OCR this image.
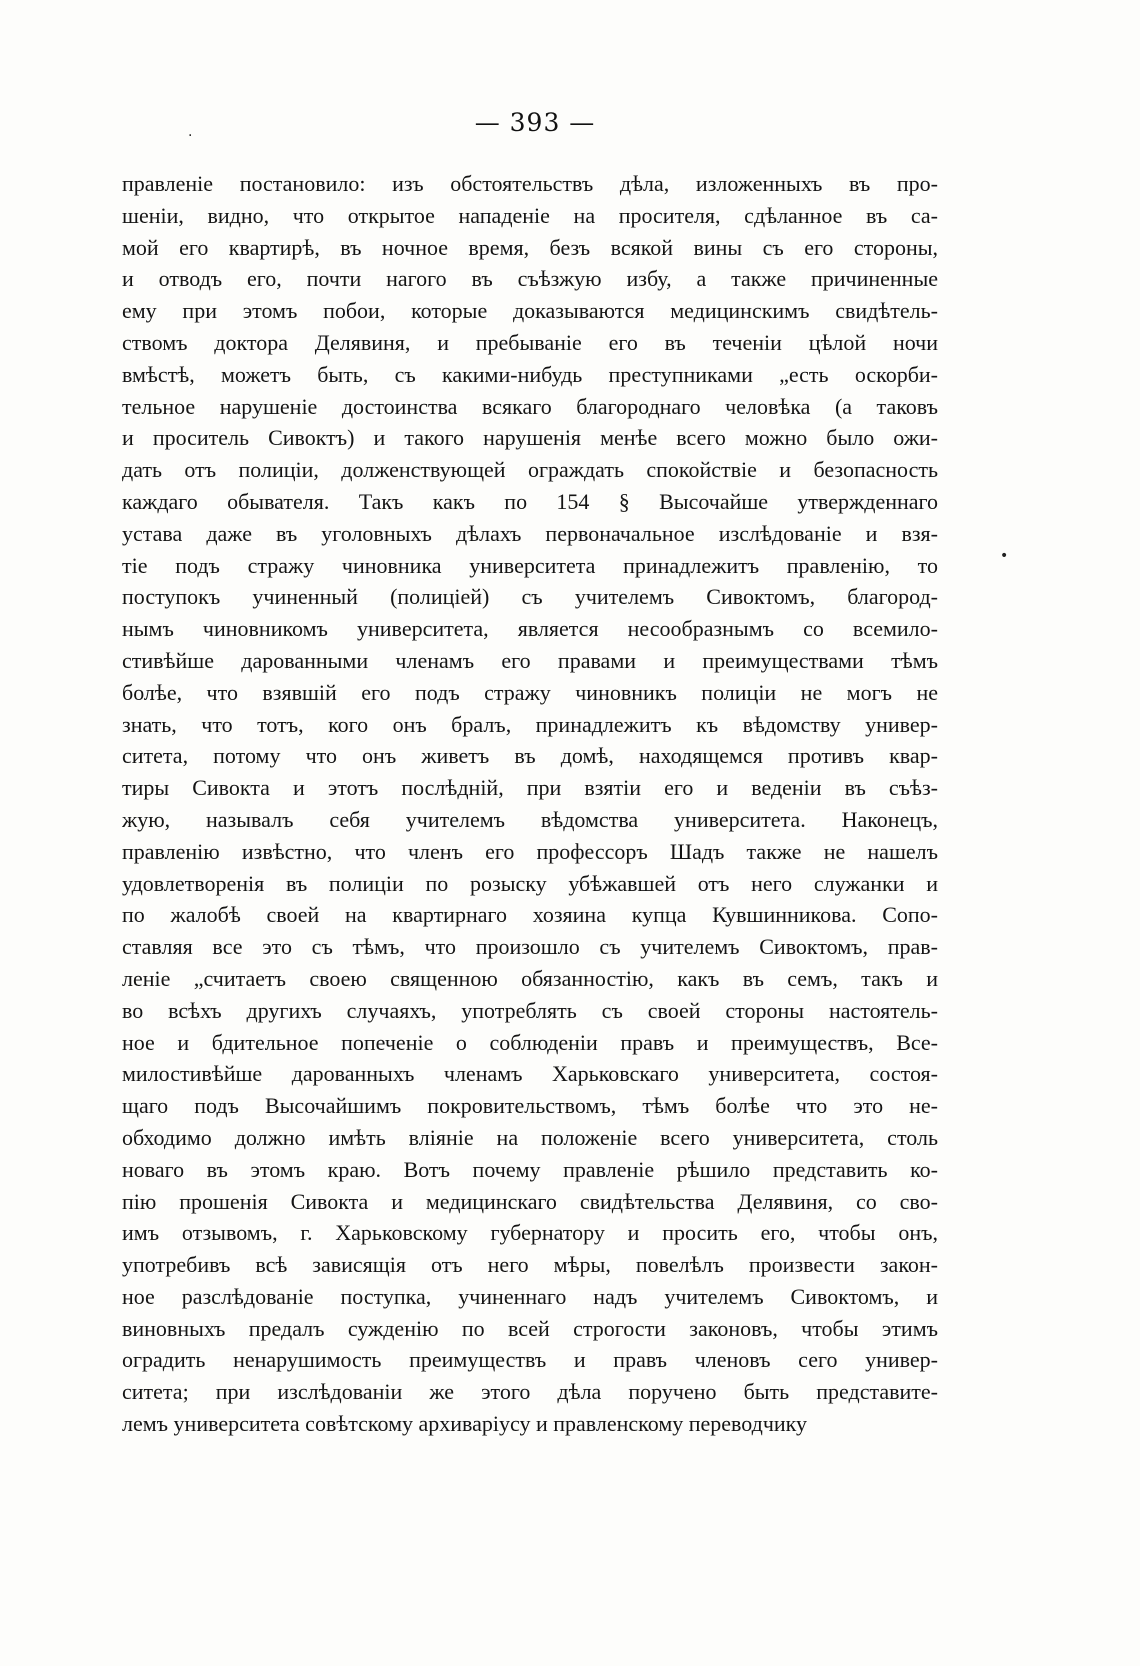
— 393 —
правленіе постановило: изъ обстоятельствъ дѣла, изложенныхъ въ про-
шеніи, видно, что открытое нападеніе на просителя, сдѣланное въ са-
мой его квартирѣ, въ ночное время, безъ всякой вины съ его стороны,
и отводъ его, почти нагого въ съѣзжую избу, а также причиненные
ему при этомъ побои, которые доказываются медицинскимъ свидѣтель-
ствомъ доктора Делявиня, и пребываніе его въ теченіи цѣлой ночи
вмѣстѣ, можетъ быть, съ какими-нибудь преступниками „есть оскорби-
тельное нарушеніе достоинства всякаго благороднаго человѣка (а таковъ
и проситель Сивоктъ) и такого нарушенія менѣе всего можно было ожи-
дать отъ полиціи, долженствующей ограждать спокойствіе и безопасность
каждаго обывателя. Такъ какъ по 154 § Высочайше утвержденнаго
устава даже въ уголовныхъ дѣлахъ первоначальное изслѣдованіе и взя-
тіе подъ стражу чиновника университета принадлежитъ правленію, то
поступокъ учиненный (полиціей) съ учителемъ Сивоктомъ, благород-
нымъ чиновникомъ университета, является несообразнымъ со всемило-
стивѣйше дарованными членамъ его правами и преимуществами тѣмъ
болѣе, что взявшій его подъ стражу чиновникъ полиціи не могъ не
знать, что тотъ, кого онъ бралъ, принадлежитъ къ вѣдомству универ-
ситета, потому что онъ живетъ въ домѣ, находящемся противъ квар-
тиры Сивокта и этотъ послѣдній, при взятіи его и веденіи въ съѣз-
жую, называлъ себя учителемъ вѣдомства университета. Наконецъ,
правленію извѣстно, что членъ его профессоръ Шадъ также не нашелъ
удовлетворенія въ полиціи по розыску убѣжавшей отъ него служанки и
по жалобѣ своей на квартирнаго хозяина купца Кувшинникова. Сопо-
ставляя все это съ тѣмъ, что произошло съ учителемъ Сивоктомъ, прав-
леніе „считаетъ своею священною обязанностію, какъ въ семъ, такъ и
во всѣхъ другихъ случаяхъ, употреблять съ своей стороны настоятель-
ное и бдительное попеченіе о соблюденіи правъ и преимуществъ, Все-
милостивѣйше дарованныхъ членамъ Харьковскаго университета, состоя-
щаго подъ Высочайшимъ покровительствомъ, тѣмъ болѣе что это не-
обходимо должно имѣть вліяніе на положеніе всего университета, столь
новаго въ этомъ краю. Вотъ почему правленіе рѣшило представить ко-
пію прошенія Сивокта и медицинскаго свидѣтельства Делявиня, со сво-
имъ отзывомъ, г. Харьковскому губернатору и просить его, чтобы онъ,
употребивъ всѣ зависящія отъ него мѣры, повелѣлъ произвести закон-
ное разслѣдованіе поступка, учиненнаго надъ учителемъ Сивоктомъ, и
виновныхъ предалъ сужденію по всей строгости законовъ, чтобы этимъ
оградить ненарушимость преимуществъ и правъ членовъ сего универ-
ситета; при изслѣдованіи же этого дѣла поручено быть представите-
лемъ университета совѣтскому архиваріусу и правленскому переводчику
•
·
